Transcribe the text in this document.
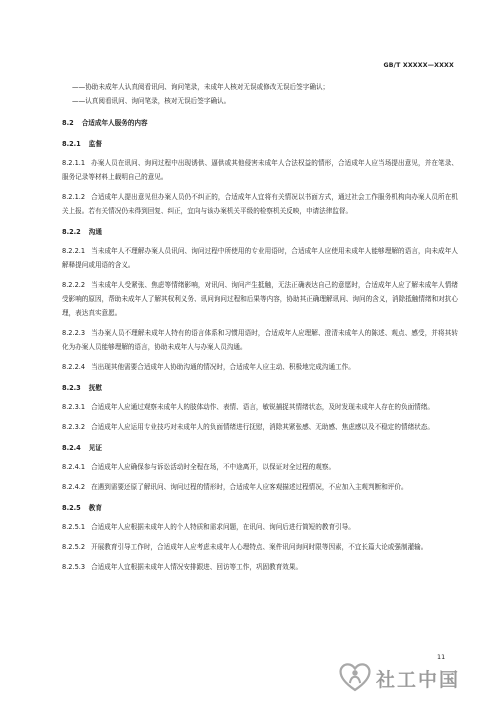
GB/T XXXXX—XXXX

——协助未成年人认真阅看讯问、询问笔录，未成年人核对无误或修改无误后签字确认；

——认真阅看讯问、询问笔录，核对无误后签字确认。

8.2 合适成年人服务的内容
8.2.1 监督

8.2.1.1 办案人员在讯问、询问过程中出现诱供、逼供或其他侵害未成年人合法权益的情形，合适成年人应当场提出意见，并在笔录、服务记录等材料上载明自己的意见。

8.2.1.2 合适成年人提出意见但办案人员仍不纠正的，合适成年人宜将有关情况以书面方式，通过社会工作服务机构向办案人员所在机关上报。若有关情况仍未得到回复、纠正，宜向与该办案机关平级的检察机关反映，申请法律监督。

8.2.2 沟通

8.2.2.1 当未成年人不理解办案人员讯问、询问过程中所使用的专业用语时，合适成年人应使用未成年人能够理解的语言，向未成年人解释提问或用语的含义。

8.2.2.2 当未成年人受紧张、焦虑等情绪影响，对讯问、询问产生抵触，无法正确表达自己的意愿时，合适成年人应了解未成年人情绪受影响的原因，帮助未成年人了解其权利义务、讯问询问过程和后果等内容，协助其正确理解讯问、询问的含义，消除抵触情绪和对抗心理，表达真实意愿。

8.2.2.3 当办案人员不理解未成年人特有的语言体系和习惯用语时，合适成年人应理解、澄清未成年人的陈述、观点、感受，并将其转化为办案人员能够理解的语言，协助未成年人与办案人员沟通。

8.2.2.4 当出现其他需要合适成年人协助沟通的情况时，合适成年人应主动、积极地完成沟通工作。

8.2.3 抚慰

8.2.3.1 合适成年人应通过观察未成年人的肢体动作、表情、语言，敏锐捕捉其情绪状态，及时发现未成年人存在的负面情绪。

8.2.3.2 合适成年人应运用专业技巧对未成年人的负面情绪进行抚慰，消除其紧张感、无助感、焦虑感以及不稳定的情绪状态。

8.2.4 见证

8.2.4.1 合适成年人应确保参与诉讼活动时全程在场，不中途离开，以保证对全过程的观察。

8.2.4.2 在遇到需要还原了解讯问、询问过程的情形时，合适成年人应客观描述过程情况，不应加入主观判断和评价。

8.2.5 教育

8.2.5.1 合适成年人应根据未成年人的个人特质和需求问题，在讯问、询问后进行简短的教育引导。

8.2.5.2 开展教育引导工作时，合适成年人应考虑未成年人心理特点、案件讯问询问时限等因素，不宜长篇大论或强制灌输。

8.2.5.3 合适成年人宜根据未成年人情况安排跟进、回访等工作，巩固教育效果。

11
社工中国
